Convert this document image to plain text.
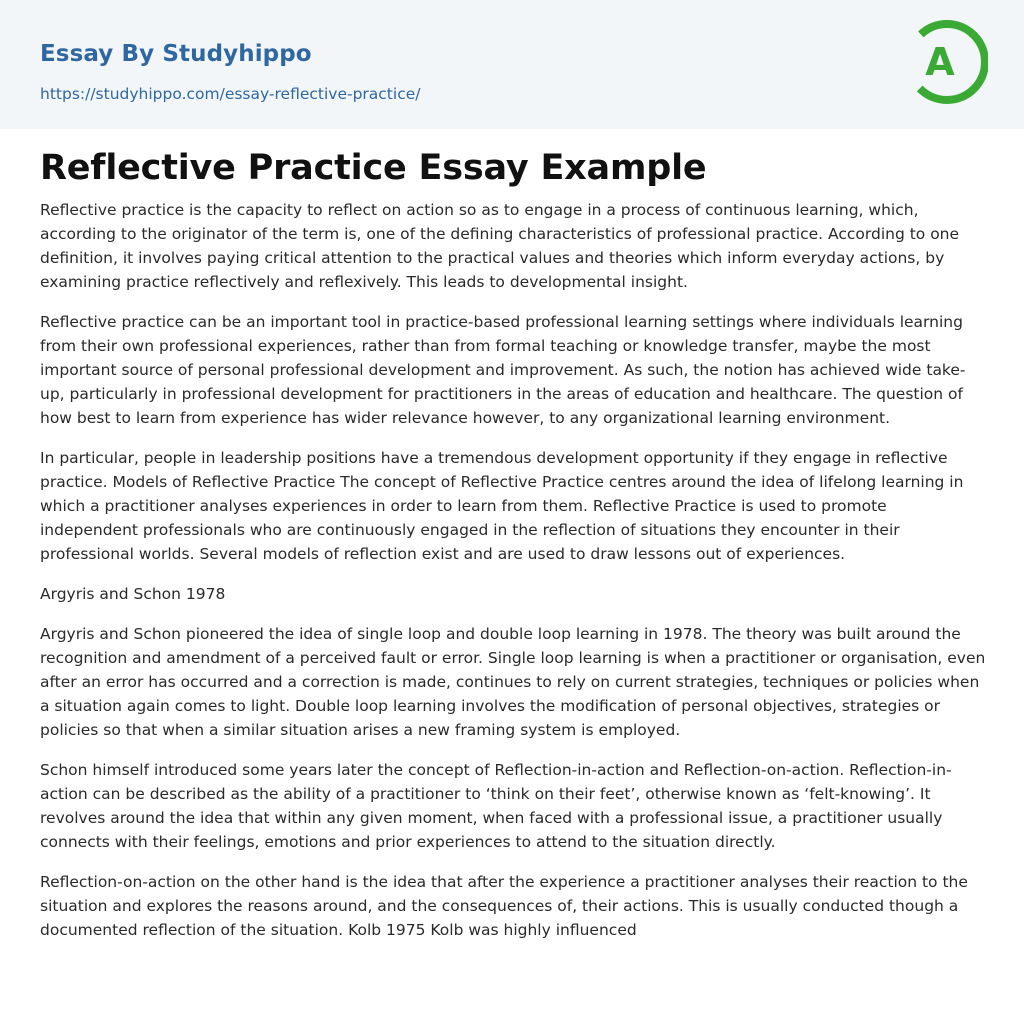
Essay By Studyhippo
https://studyhippo.com/essay-reflective-practice/
A
Reflective Practice Essay Example

Reflective practice is the capacity to reflect on action so as to engage in a process of continuous learning, which, according to the originator of the term is, one of the defining characteristics of professional practice. According to one definition, it involves paying critical attention to the practical values and theories which inform everyday actions, by examining practice reflectively and reflexively. This leads to developmental insight.

Reflective practice can be an important tool in practice-based professional learning settings where individuals learning from their own professional experiences, rather than from formal teaching or knowledge transfer, maybe the most important source of personal professional development and improvement. As such, the notion has achieved wide take-up, particularly in professional development for practitioners in the areas of education and healthcare. The question of how best to learn from experience has wider relevance however, to any organizational learning environment.

In particular, people in leadership positions have a tremendous development opportunity if they engage in reflective practice. Models of Reflective Practice The concept of Reflective Practice centres around the idea of lifelong learning in which a practitioner analyses experiences in order to learn from them. Reflective Practice is used to promote independent professionals who are continuously engaged in the reflection of situations they encounter in their professional worlds. Several models of reflection exist and are used to draw lessons out of experiences.

Argyris and Schon 1978

Argyris and Schon pioneered the idea of single loop and double loop learning in 1978. The theory was built around the recognition and amendment of a perceived fault or error. Single loop learning is when a practitioner or organisation, even after an error has occurred and a correction is made, continues to rely on current strategies, techniques or policies when a situation again comes to light. Double loop learning involves the modification of personal objectives, strategies or policies so that when a similar situation arises a new framing system is employed.

Schon himself introduced some years later the concept of Reflection-in-action and Reflection-on-action. Reflection-in-action can be described as the ability of a practitioner to ‘think on their feet’, otherwise known as ‘felt-knowing’. It revolves around the idea that within any given moment, when faced with a professional issue, a practitioner usually connects with their feelings, emotions and prior experiences to attend to the situation directly.

Reflection-on-action on the other hand is the idea that after the experience a practitioner analyses their reaction to the situation and explores the reasons around, and the consequences of, their actions. This is usually conducted though a documented reflection of the situation. Kolb 1975 Kolb was highly influenced
